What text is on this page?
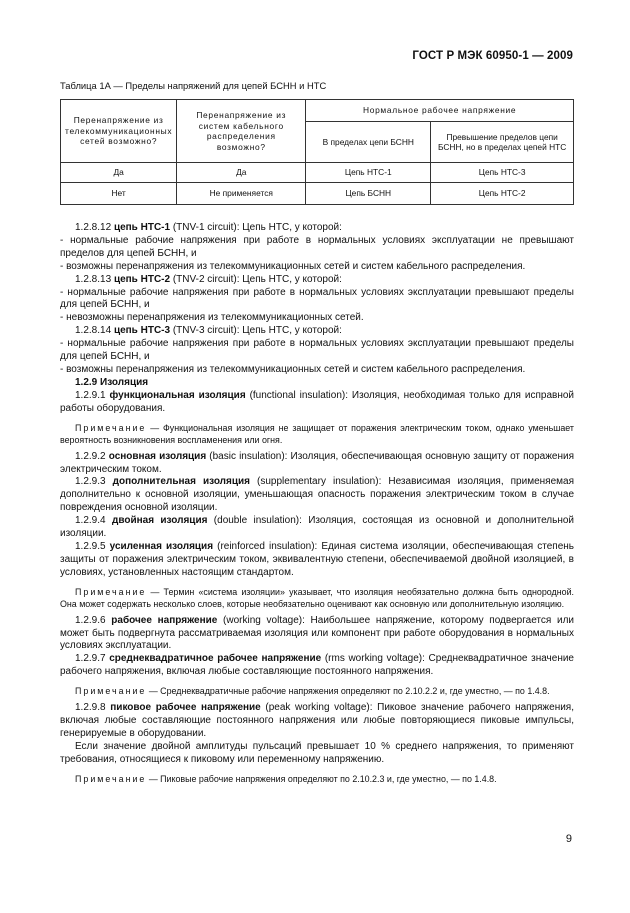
ГОСТ Р МЭК 60950-1 — 2009
Таблица 1А — Пределы напряжений для цепей БСНН и НТС
Перенапряжение из телекоммуникационных сетей возможно?	Перенапряжение из систем кабельного распределения возможно?	Нормальное рабочее напряжение	
		В пределах цепи БСНН	Превышение пределов цепи БСНН, но в пределах цепей НТС
Да	Да	Цепь НТС-1	Цепь НТС-3
Нет	Не применяется	Цепь БСНН	Цепь НТС-2

1.2.8.12 цепь НТС-1 (TNV-1 circuit): Цепь НТС, у которой:

- нормальные рабочие напряжения при работе в нормальных условиях эксплуатации не превышают пределов для цепей БСНН, и

- возможны перенапряжения из телекоммуникационных сетей и систем кабельного распределения.

1.2.8.13 цепь НТС-2 (TNV-2 circuit): Цепь НТС, у которой:

- нормальные рабочие напряжения при работе в нормальных условиях эксплуатации превышают пределы для цепей БСНН, и

- невозможны перенапряжения из телекоммуникационных сетей.

1.2.8.14 цепь НТС-3 (TNV-3 circuit): Цепь НТС, у которой:

- нормальные рабочие напряжения при работе в нормальных условиях эксплуатации превышают пределы для цепей БСНН, и

- возможны перенапряжения из телекоммуникационных сетей и систем кабельного распределения.

1.2.9 Изоляция

1.2.9.1 функциональная изоляция (functional insulation): Изоляция, необходимая только для исправной работы оборудования.

Примечание — Функциональная изоляция не защищает от поражения электрическим током, однако уменьшает вероятность возникновения воспламенения или огня.

1.2.9.2 основная изоляция (basic insulation): Изоляция, обеспечивающая основную защиту от поражения электрическим током.

1.2.9.3 дополнительная изоляция (supplementary insulation): Независимая изоляция, применяемая дополнительно к основной изоляции, уменьшающая опасность поражения электрическим током в случае повреждения основной изоляции.

1.2.9.4 двойная изоляция (double insulation): Изоляция, состоящая из основной и дополнительной изоляции.

1.2.9.5 усиленная изоляция (reinforced insulation): Единая система изоляции, обеспечивающая степень защиты от поражения электрическим током, эквивалентную степени, обеспечиваемой двойной изоляцией, в условиях, установленных настоящим стандартом.

Примечание — Термин «система изоляции» указывает, что изоляция необязательно должна быть однородной. Она может содержать несколько слоев, которые необязательно оценивают как основную или дополнительную изоляцию.

1.2.9.6 рабочее напряжение (working voltage): Наибольшее напряжение, которому подвергается или может быть подвергнута рассматриваемая изоляция или компонент при работе оборудования в нормальных условиях эксплуатации.

1.2.9.7 среднеквадратичное рабочее напряжение (rms working voltage): Среднеквадратичное значение рабочего напряжения, включая любые составляющие постоянного напряжения.

Примечание — Среднеквадратичные рабочие напряжения определяют по 2.10.2.2 и, где уместно, — по 1.4.8.

1.2.9.8 пиковое рабочее напряжение (peak working voltage): Пиковое значение рабочего напряжения, включая любые составляющие постоянного напряжения или любые повторяющиеся пиковые импульсы, генерируемые в оборудовании.

Если значение двойной амплитуды пульсаций превышает 10 % среднего напряжения, то применяют требования, относящиеся к пиковому или переменному напряжению.

Примечание — Пиковые рабочие напряжения определяют по 2.10.2.3 и, где уместно, — по 1.4.8.

9
